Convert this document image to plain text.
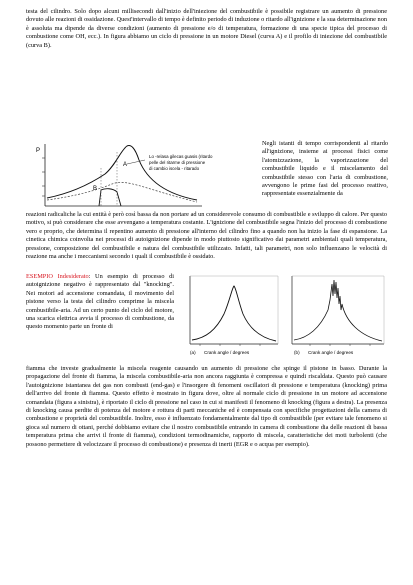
testa del cilindro. Solo dopo alcuni millisecondi dall'inizio dell'iniezione del combustibile è possibile registrare un aumento di pressione dovuto alle reazioni di ossidazione. Quest'intervallo di tempo è definito periodo di induzione o ritardo all'ignizione e la sua determinazione non è assoluta ma dipende da diverse condizioni (aumento di pressione e/o di temperatura, formazione di una specie tipica del processo di combustione come OH, ecc.). In figura abbiamo un ciclo di pressione in un motore Diesel (curva A) e il profilo di iniezione del combustibile (curva B).

P
A
B
Lo -relasa gilecas guasis (ritardo
pelle del ritarme di pressione
di cambio iscela - ritarado

Negli istanti di tempo corrispondenti al ritardo all'ignizione, insieme ai processi fisici come l'atomizzazione, la vaporizzazione del combustibile liquido e il miscelamento del combustibile stesso con l'aria di combustione, avvengono le prime fasi del processo reattivo, rappresentate essenzialmente da

reazioni radicaliche la cui entità è però così bassa da non portare ad un considerevole consumo di combustibile e sviluppo di calore. Per questo motivo, si può considerare che esse avvengano a temperatura costante. L'ignizione del combustibile segna l'inizio del processo di combustione vero e proprio, che determina il repentino aumento di pressione all'interno del cilindro fino a quando non ha inizio la fase di espansione. La cinetica chimica coinvolta nei processi di autoignizione dipende in modo piuttosto significativo dai parametri ambientali quali temperatura, pressione, composizione del combustibile e natura del combustibile utilizzato. Infatti, tali parametri, non solo influenzano le velocità di reazione ma anche i meccanismi secondo i quali il combustibile è ossidato.

ESEMPIO Indesiderato: Un esempio di processo di autoignizione negativo è rappresentato dal "knocking". Nei motori ad accensione comandata, il movimento del pistone verso la testa del cilindro comprime la miscela combustibile-aria. Ad un certo punto del ciclo del motore, una scarica elettrica avvia il processo di combustione, da questo momento parte un fronte di

(a) Crank angle / degrees	(b) Crank angle / degrees

fiamma che investe gradualmente la miscela reagente causando un aumento di pressione che spinge il pistone in basso. Durante la propagazione del fronte di fiamma, la miscela combustibile-aria non ancora raggiunta è compressa e quindi riscaldata. Questo può causare l'autoignizione istantanea dei gas non combusti (end-gas) e l'insorgere di fenomeni oscillatori di pressione e temperatura (knocking) prima dell'arrivo del fronte di fiamma. Questo effetto è mostrato in figura dove, oltre al normale ciclo di pressione in un motore ad accensione comandata (figura a sinistra), è riportato il ciclo di pressione nel caso in cui si manifesti il fenomeno di knocking (figura a destra). La presenza di knocking causa perdite di potenza del motore e rottura di parti meccaniche ed è compensata con specifiche progettazioni della camera di combustione e proprietà del combustibile. Inoltre, esso è influenzato fondamentalmente dal tipo di combustibile (per evitare tale fenomeno si gioca sul numero di ottani, perché dobbiamo evitare che il nostro combustibile entrando in camera di combustione dia delle reazioni di bassa temperatura prima che arrivi il fronte di fiamma), condizioni termodinamiche, rapporto di miscela, caratteristiche dei moti turbolenti (che possono permettere di velocizzare il processo di combustione) e presenza di inerti (EGR e o acqua per esempio).
